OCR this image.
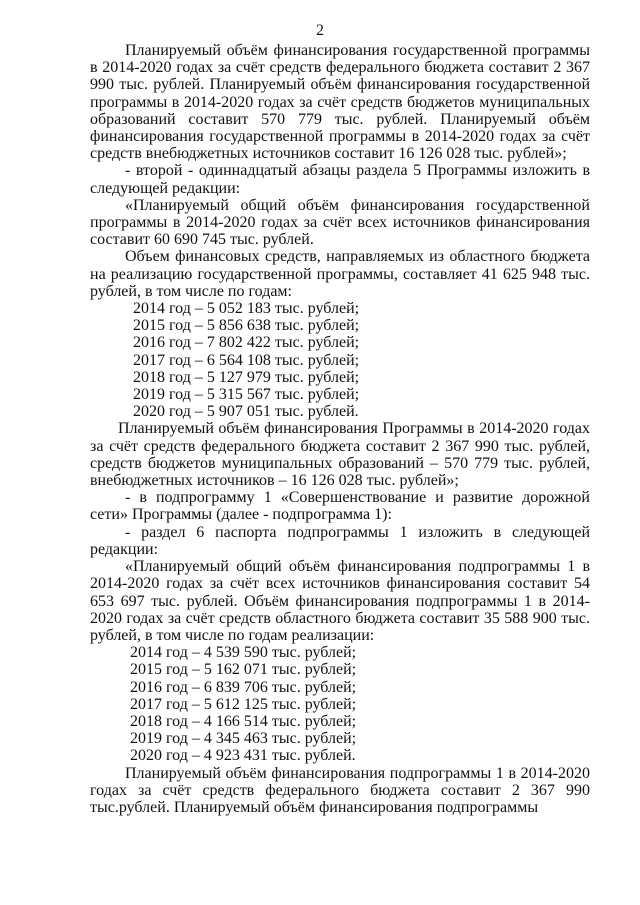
2

Планируемый объём финансирования государственной программы в 2014-2020 годах за счёт средств федерального бюджета составит 2 367 990 тыс. рублей. Планируемый объём финансирования государственной программы в 2014-2020 годах за счёт средств бюджетов муниципальных образований составит 570 779 тыс. рублей. Планируемый объём финансирования государственной программы в 2014-2020 годах за счёт средств внебюджетных источников составит 16 126 028 тыс. рублей»;

- второй - одиннадцатый абзацы раздела 5 Программы изложить в следующей редакции:

«Планируемый общий объём финансирования государственной программы в 2014-2020 годах за счёт всех источников финансирования составит 60 690 745 тыс. рублей.

Объем финансовых средств, направляемых из областного бюджета на реализацию государственной программы, составляет 41 625 948 тыс. рублей, в том числе по годам:

2014 год – 5 052 183 тыс. рублей;

2015 год – 5 856 638 тыс. рублей;

2016 год – 7 802 422 тыс. рублей;

2017 год – 6 564 108 тыс. рублей;

2018 год – 5 127 979 тыс. рублей;

2019 год – 5 315 567 тыс. рублей;

2020 год – 5 907 051 тыс. рублей.

Планируемый объём финансирования Программы в 2014-2020 годах за счёт средств федерального бюджета составит 2 367 990 тыс. рублей, средств бюджетов муниципальных образований – 570 779 тыс. рублей, внебюджетных источников – 16 126 028 тыс. рублей»;

- в подпрограмму 1 «Совершенствование и развитие дорожной сети» Программы (далее - подпрограмма 1):

- раздел 6 паспорта подпрограммы 1 изложить в следующей редакции:

«Планируемый общий объём финансирования подпрограммы 1 в 2014-2020 годах за счёт всех источников финансирования составит 54 653 697 тыс. рублей. Объём финансирования подпрограммы 1 в 2014-2020 годах за счёт средств областного бюджета составит 35 588 900 тыс. рублей, в том числе по годам реализации:

2014 год – 4 539 590 тыс. рублей;

2015 год – 5 162 071 тыс. рублей;

2016 год – 6 839 706 тыс. рублей;

2017 год – 5 612 125 тыс. рублей;

2018 год – 4 166 514 тыс. рублей;

2019 год – 4 345 463 тыс. рублей;

2020 год – 4 923 431 тыс. рублей.

Планируемый объём финансирования подпрограммы 1 в 2014-2020 годах за счёт средств федерального бюджета составит 2 367 990 тыс.рублей. Планируемый объём финансирования подпрограммы
